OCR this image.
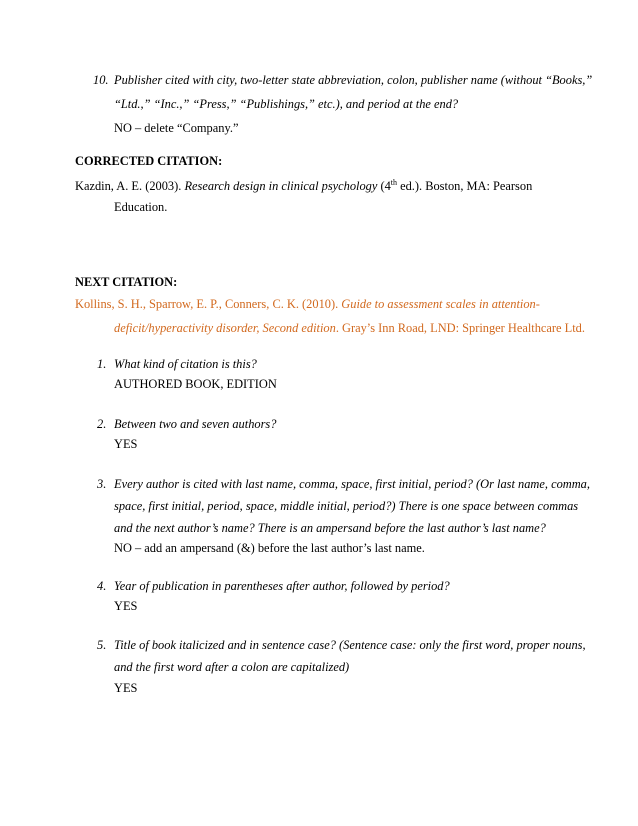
10. Publisher cited with city, two-letter state abbreviation, colon, publisher name (without “Books,”
“Ltd.,” “Inc.,” “Press,” “Publishings,” etc.), and period at the end?
NO – delete “Company.”
CORRECTED CITATION:
Kazdin, A. E. (2003). Research design in clinical psychology (4th ed.). Boston, MA: Pearson
Education.
NEXT CITATION:
Kollins, S. H., Sparrow, E. P., Conners, C. K. (2010). Guide to assessment scales in attention-
deficit/hyperactivity disorder, Second edition. Gray’s Inn Road, LND: Springer Healthcare Ltd.
1. What kind of citation is this?
AUTHORED BOOK, EDITION
2. Between two and seven authors?
YES
3. Every author is cited with last name, comma, space, first initial, period? (Or last name, comma,
space, first initial, period, space, middle initial, period?) There is one space between commas
and the next author’s name? There is an ampersand before the last author’s last name?
NO – add an ampersand (&) before the last author’s last name.
4. Year of publication in parentheses after author, followed by period?
YES
5. Title of book italicized and in sentence case? (Sentence case: only the first word, proper nouns,
and the first word after a colon are capitalized)
YES
